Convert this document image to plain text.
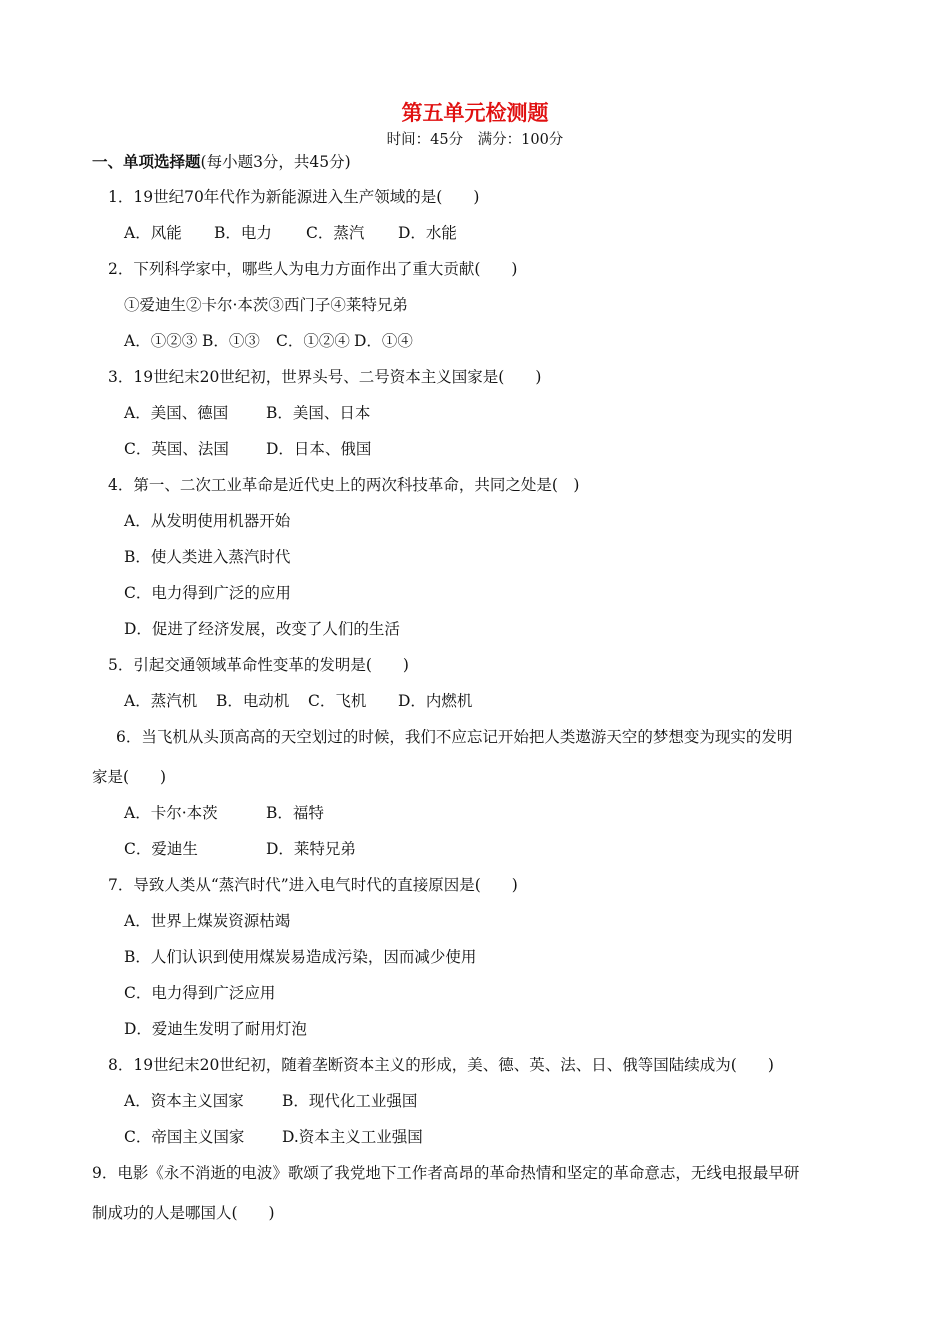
第五单元检测题
时间：45分　满分：100分
一、单项选择题(每小题3分，共45分)
1．19世纪70年代作为新能源进入生产领域的是(　　)
A．风能 B．电力 C．蒸汽 D．水能
2．下列科学家中，哪些人为电力方面作出了重大贡献(　　)
①爱迪生②卡尔·本茨③西门子④莱特兄弟
A．①②③ B．①③ C．①②④ D．①④
3．19世纪末20世纪初，世界头号、二号资本主义国家是(　　)
A．美国、德国 B．美国、日本
C．英国、法国 D．日本、俄国
4．第一、二次工业革命是近代史上的两次科技革命，共同之处是(　)
A．从发明使用机器开始
B．使人类进入蒸汽时代
C．电力得到广泛的应用
D．促进了经济发展，改变了人们的生活
5．引起交通领域革命性变革的发明是(　　)
A．蒸汽机 B．电动机 C．飞机 D．内燃机
6．当飞机从头顶高高的天空划过的时候，我们不应忘记开始把人类遨游天空的梦想变为现实的发明
家是(　　)
A．卡尔·本茨	B．福特
C．爱迪生	D．莱特兄弟
7．导致人类从“蒸汽时代”进入电气时代的直接原因是(　　)
A．世界上煤炭资源枯竭
B．人们认识到使用煤炭易造成污染，因而减少使用
C．电力得到广泛应用
D．爱迪生发明了耐用灯泡
8．19世纪末20世纪初，随着垄断资本主义的形成，美、德、英、法、日、俄等国陆续成为(　　)
A．资本主义国家 B．现代化工业强国
C．帝国主义国家 D.资本主义工业强国
9．电影《永不消逝的电波》歌颂了我党地下工作者高昂的革命热情和坚定的革命意志，无线电报最早研
制成功的人是哪国人(　　)
